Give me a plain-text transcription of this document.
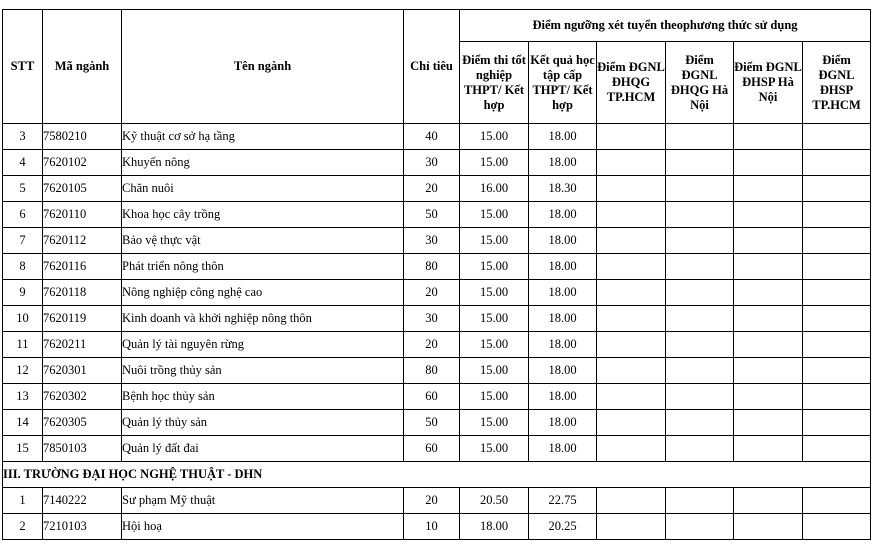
STT	Mã ngành	Tên ngành	Chỉ tiêu	Điểm ngưỡng xét tuyển theophương thức sử dụng					
				Điểm thi tốt nghiệp THPT/ Kết hợp	Kết quả học tập cấp THPT/ Kết hợp	Điểm ĐGNL ĐHQG TP.HCM	Điểm ĐGNL ĐHQG Hà Nội	Điểm ĐGNL ĐHSP Hà Nội	Điểm ĐGNL ĐHSP TP.HCM
3	7580210	Kỹ thuật cơ sở hạ tầng	40	15.00	18.00				
4	7620102	Khuyến nông	30	15.00	18.00				
5	7620105	Chăn nuôi	20	16.00	18.30				
6	7620110	Khoa học cây trồng	50	15.00	18.00				
7	7620112	Bảo vệ thực vật	30	15.00	18.00				
8	7620116	Phát triển nông thôn	80	15.00	18.00				
9	7620118	Nông nghiệp công nghệ cao	20	15.00	18.00				
10	7620119	Kinh doanh và khởi nghiệp nông thôn	30	15.00	18.00				
11	7620211	Quản lý tài nguyên rừng	20	15.00	18.00				
12	7620301	Nuôi trồng thủy sản	80	15.00	18.00				
13	7620302	Bệnh học thủy sản	60	15.00	18.00				
14	7620305	Quản lý thủy sản	50	15.00	18.00				
15	7850103	Quản lý đất đai	60	15.00	18.00				
III. TRƯỜNG ĐẠI HỌC NGHỆ THUẬT - DHN									
1	7140222	Sư phạm Mỹ thuật	20	20.50	22.75				
2	7210103	Hội hoạ	10	18.00	20.25				
